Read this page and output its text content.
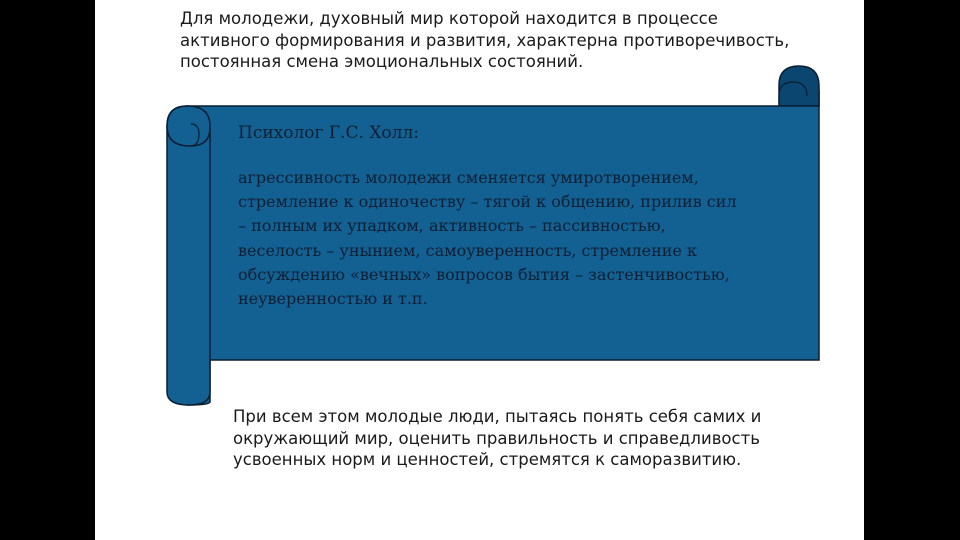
Для молодежи, духовный мир которой находится в процессе
активного формирования и развития, характерна противоречивость,
постоянная смена эмоциональных состояний.

Психолог Г.С. Холл:
агрессивность молодежи сменяется умиротворением,
стремление к одиночеству – тягой к общению, прилив сил
– полным их упадком, активность – пассивностью,
веселость – унынием, самоуверенность, стремление к
обсуждению «вечных» вопросов бытия – застенчивостью,
неуверенностью и т.п.

При всем этом молодые люди, пытаясь понять себя самих и
окружающий мир, оценить правильность и справедливость
усвоенных норм и ценностей, стремятся к саморазвитию.
